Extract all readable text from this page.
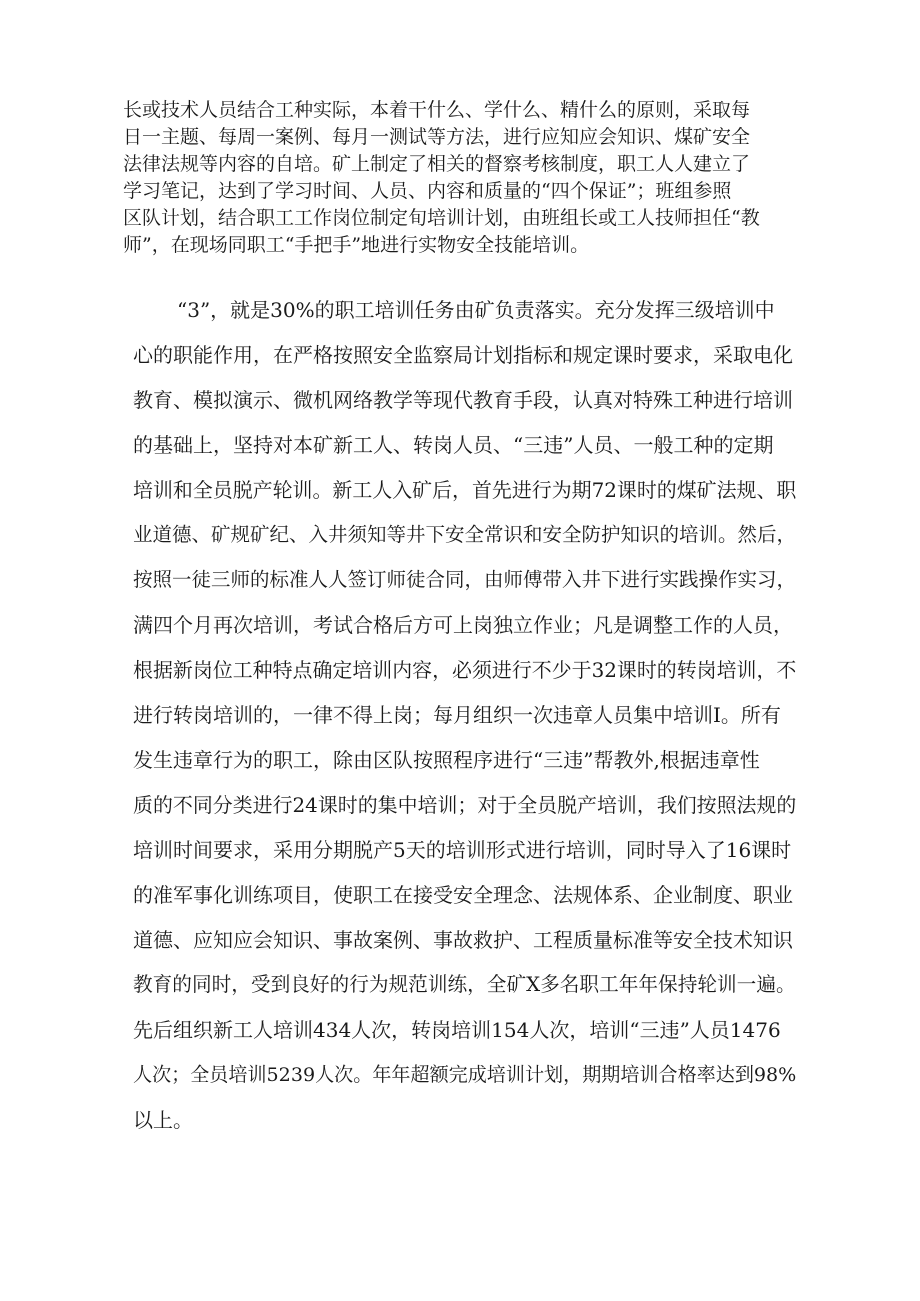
长或技术人员结合工种实际，本着干什么、学什么、精什么的原则，采取每

日一主题、每周一案例、每月一测试等方法，进行应知应会知识、煤矿安全

法律法规等内容的自培。矿上制定了相关的督察考核制度，职工人人建立了

学习笔记，达到了学习时间、人员、内容和质量的“四个保证”；班组参照

区队计划，结合职工工作岗位制定旬培训计划，由班组长或工人技师担任“教

师”，在现场同职工“手把手”地进行实物安全技能培训。

“3”，就是30%的职工培训任务由矿负责落实。充分发挥三级培训中

心的职能作用，在严格按照安全监察局计划指标和规定课时要求，采取电化

教育、模拟演示、微机网络教学等现代教育手段，认真对特殊工种进行培训

的基础上，坚持对本矿新工人、转岗人员、“三违”人员、一般工种的定期

培训和全员脱产轮训。新工人入矿后，首先进行为期72课时的煤矿法规、职

业道德、矿规矿纪、入井须知等井下安全常识和安全防护知识的培训。然后，

按照一徒三师的标准人人签订师徒合同，由师傅带入井下进行实践操作实习，

满四个月再次培训，考试合格后方可上岗独立作业；凡是调整工作的人员，

根据新岗位工种特点确定培训内容，必须进行不少于32课时的转岗培训，不

进行转岗培训的，一律不得上岗；每月组织一次违章人员集中培训I。所有

发生违章行为的职工，除由区队按照程序进行“三违”帮教外,根据违章性

质的不同分类进行24课时的集中培训；对于全员脱产培训，我们按照法规的

培训时间要求，采用分期脱产5天的培训形式进行培训，同时导入了16课时

的准军事化训练项目，使职工在接受安全理念、法规体系、企业制度、职业

道德、应知应会知识、事故案例、事故救护、工程质量标准等安全技术知识

教育的同时，受到良好的行为规范训练，全矿X多名职工年年保持轮训一遍。

先后组织新工人培训434人次，转岗培训154人次，培训“三违”人员1476

人次；全员培训5239人次。年年超额完成培训计划，期期培训合格率达到98%

以上。
